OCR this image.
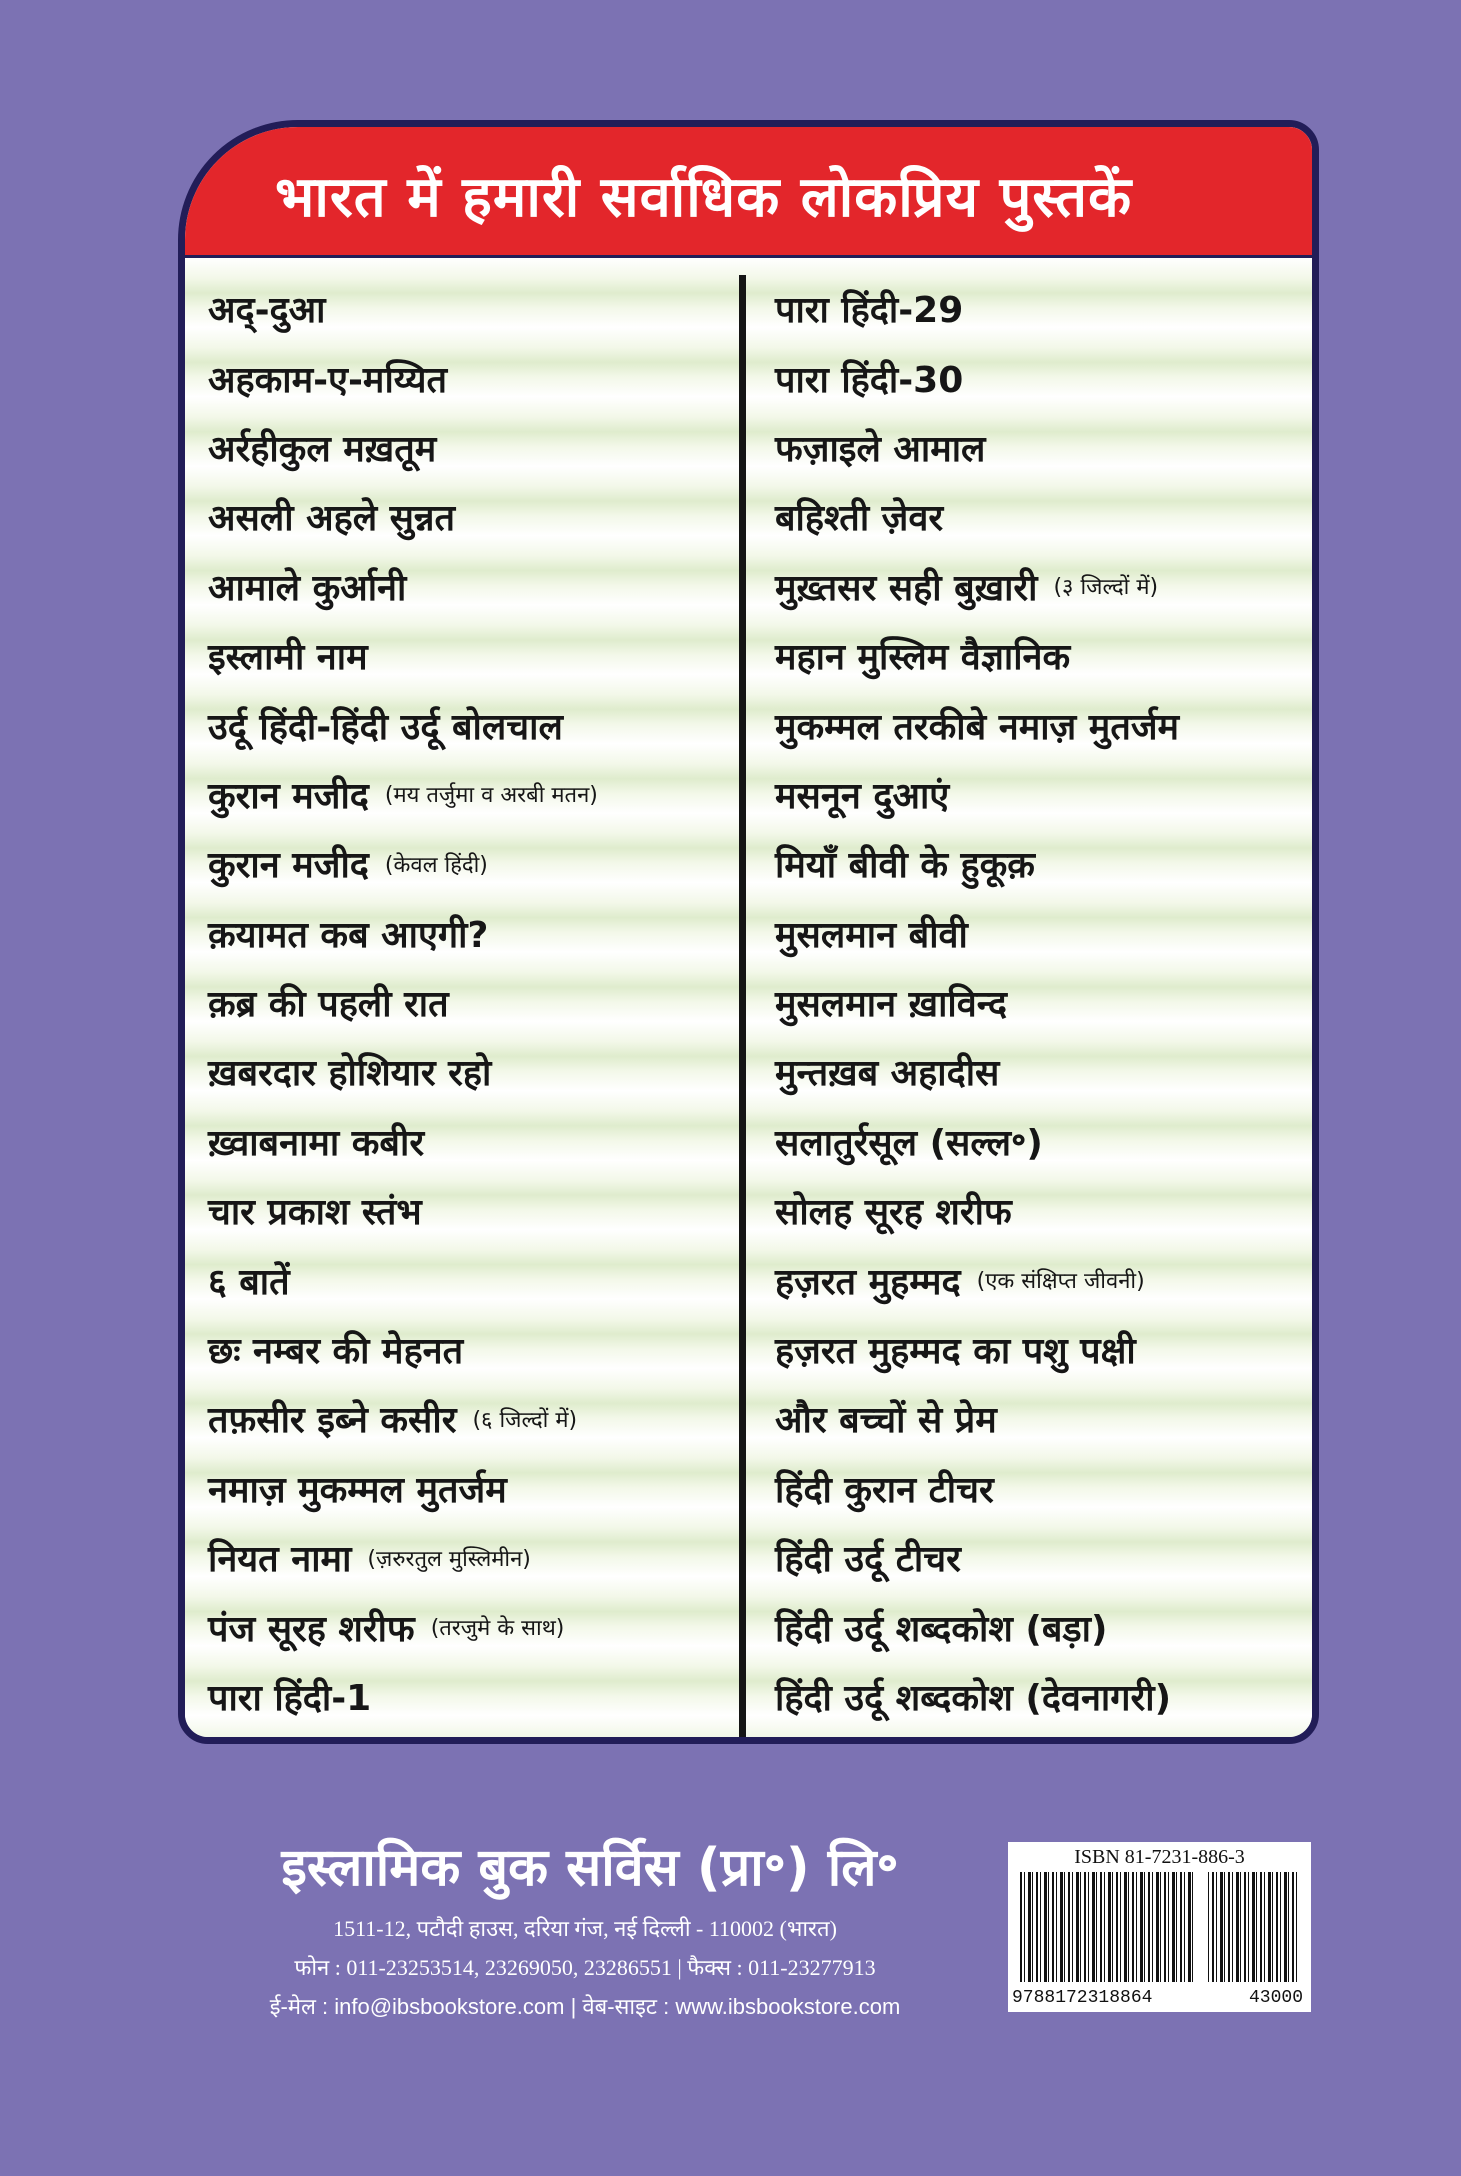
भारत में हमारी सर्वाधिक लोकप्रिय पुस्तकें
अद्‌-दुआ
अहकाम-ए-मय्यित
अर्रहीकुल मख़तूम
असली अहले सुन्नत
आमाले कुर्आनी
इस्लामी नाम
उर्दू हिंदी-हिंदी उर्दू बोलचाल
कुरान मजीद (मय तर्जुमा व अरबी मतन)
कुरान मजीद (केवल हिंदी)
क़यामत कब आएगी?
क़ब्र की पहली रात
ख़बरदार होशियार रहो
ख़्वाबनामा कबीर
चार प्रकाश स्तंभ
६ बातें
छः नम्बर की मेहनत
तफ़सीर इब्ने कसीर (६ जिल्दों में)
नमाज़ मुकम्मल मुतर्जम
नियत नामा (ज़रुरतुल मुस्लिमीन)
पंज सूरह शरीफ (तरजुमे के साथ)
पारा हिंदी-1
पारा हिंदी-29
पारा हिंदी-30
फज़ाइले आमाल
बहिश्ती ज़ेवर
मुख़्तसर सही बुख़ारी (३ जिल्दों में)
महान मुस्लिम वैज्ञानिक
मुकम्मल तरकीबे नमाज़ मुतर्जम
मसनून दुआएं
मियाँ बीवी के हुकूक़
मुसलमान बीवी
मुसलमान ख़ाविन्द
मुन्तख़ब अहादीस
सलातुर्रसूल (सल्ल॰)
सोलह सूरह शरीफ
हज़रत मुहम्मद (एक संक्षिप्त जीवनी)
हज़रत मुहम्मद का पशु पक्षी
और बच्चों से प्रेम
हिंदी कुरान टीचर
हिंदी उर्दू टीचर
हिंदी उर्दू शब्दकोश (बड़ा)
हिंदी उर्दू शब्दकोश (देवनागरी)
इस्लामिक बुक सर्विस (प्रा॰) लि॰
1511-12, पटौदी हाउस, दरिया गंज, नई दिल्ली - 110002 (भारत)
फोन : 011-23253514, 23269050, 23286551 | फैक्स : 011-23277913
ई-मेल : info@ibsbookstore.com | वेब-साइट : www.ibsbookstore.com
ISBN 81-7231-886-3
9788172318864	43000
